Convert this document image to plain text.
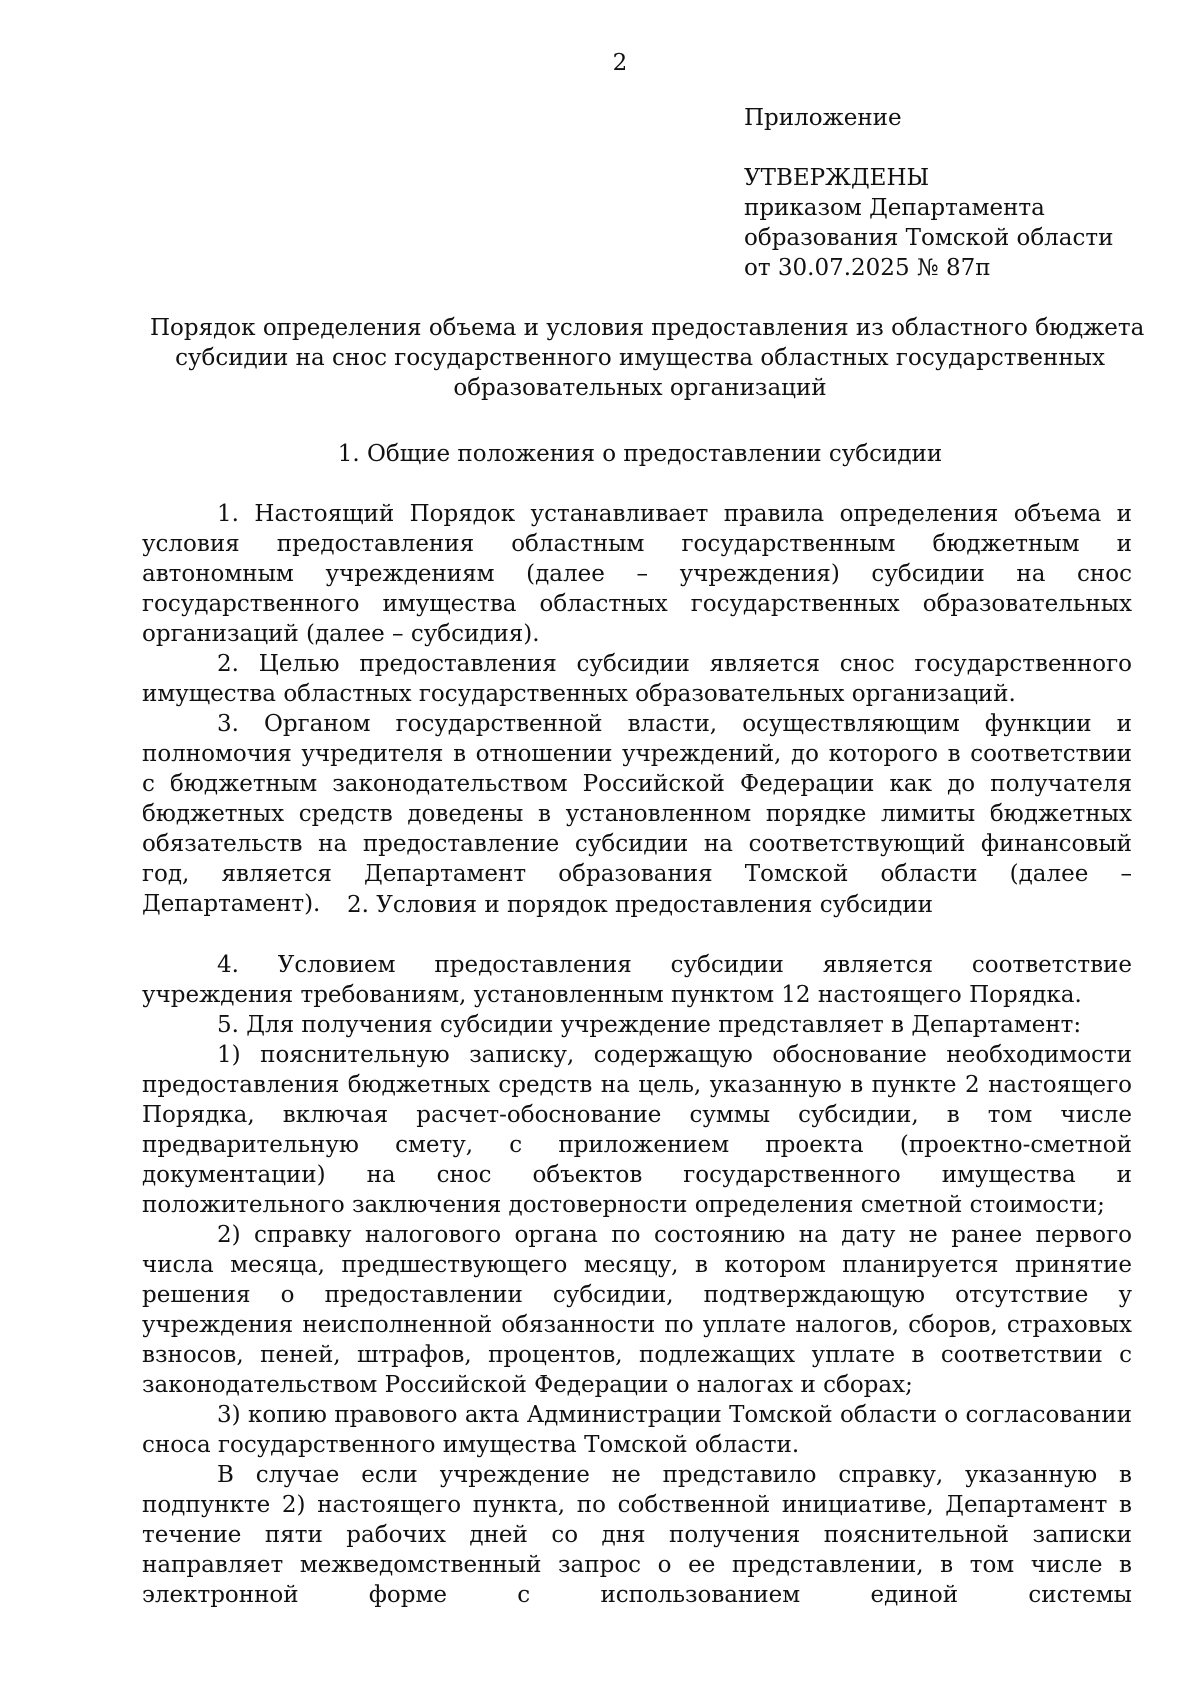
2
Приложение
УТВЕРЖДЕНЫ
приказом Департамента
образования Томской области
от 30.07.2025 № 87п
Порядок определения объема и условия предоставления из областного бюджета
субсидии на снос государственного имущества областных государственных
образовательных организаций
1. Общие положения о предоставлении субсидии

1. Настоящий Порядок устанавливает правила определения объема и условия предоставления областным государственным бюджетным и автономным учреждениям (далее – учреждения) субсидии на снос государственного имущества областных государственных образовательных организаций (далее – субсидия).

2. Целью предоставления субсидии является снос государственного имущества областных государственных образовательных организаций.

3. Органом государственной власти, осуществляющим функции и полномочия учредителя в отношении учреждений, до которого в соответствии с бюджетным законодательством Российской Федерации как до получателя бюджетных средств доведены в установленном порядке лимиты бюджетных обязательств на предоставление субсидии на соответствующий финансовый год, является Департамент образования Томской области (далее – Департамент).	2. Условия и порядок предоставления субсидии

4. Условием предоставления субсидии является соответствие учреждения требованиям, установленным пунктом 12 настоящего Порядка.

5. Для получения субсидии учреждение представляет в Департамент:

1) пояснительную записку, содержащую обоснование необходимости предоставления бюджетных средств на цель, указанную в пункте 2 настоящего Порядка, включая расчет-обоснование суммы субсидии, в том числе предварительную смету, с приложением проекта (проектно-сметной документации) на снос объектов государственного имущества и положительного заключения достоверности определения сметной стоимости;

2) справку налогового органа по состоянию на дату не ранее первого числа месяца, предшествующего месяцу, в котором планируется принятие решения о предоставлении субсидии, подтверждающую отсутствие у учреждения неисполненной обязанности по уплате налогов, сборов, страховых взносов, пеней, штрафов, процентов, подлежащих уплате в соответствии с законодательством Российской Федерации о налогах и сборах;

3) копию правового акта Администрации Томской области о согласовании сноса государственного имущества Томской области.

В случае если учреждение не представило справку, указанную в подпункте 2) настоящего пункта, по собственной инициативе, Департамент в течение пяти рабочих дней со дня получения пояснительной записки направляет межведомственный запрос о ее представлении, в том числе в электронной форме с использованием единой системы
